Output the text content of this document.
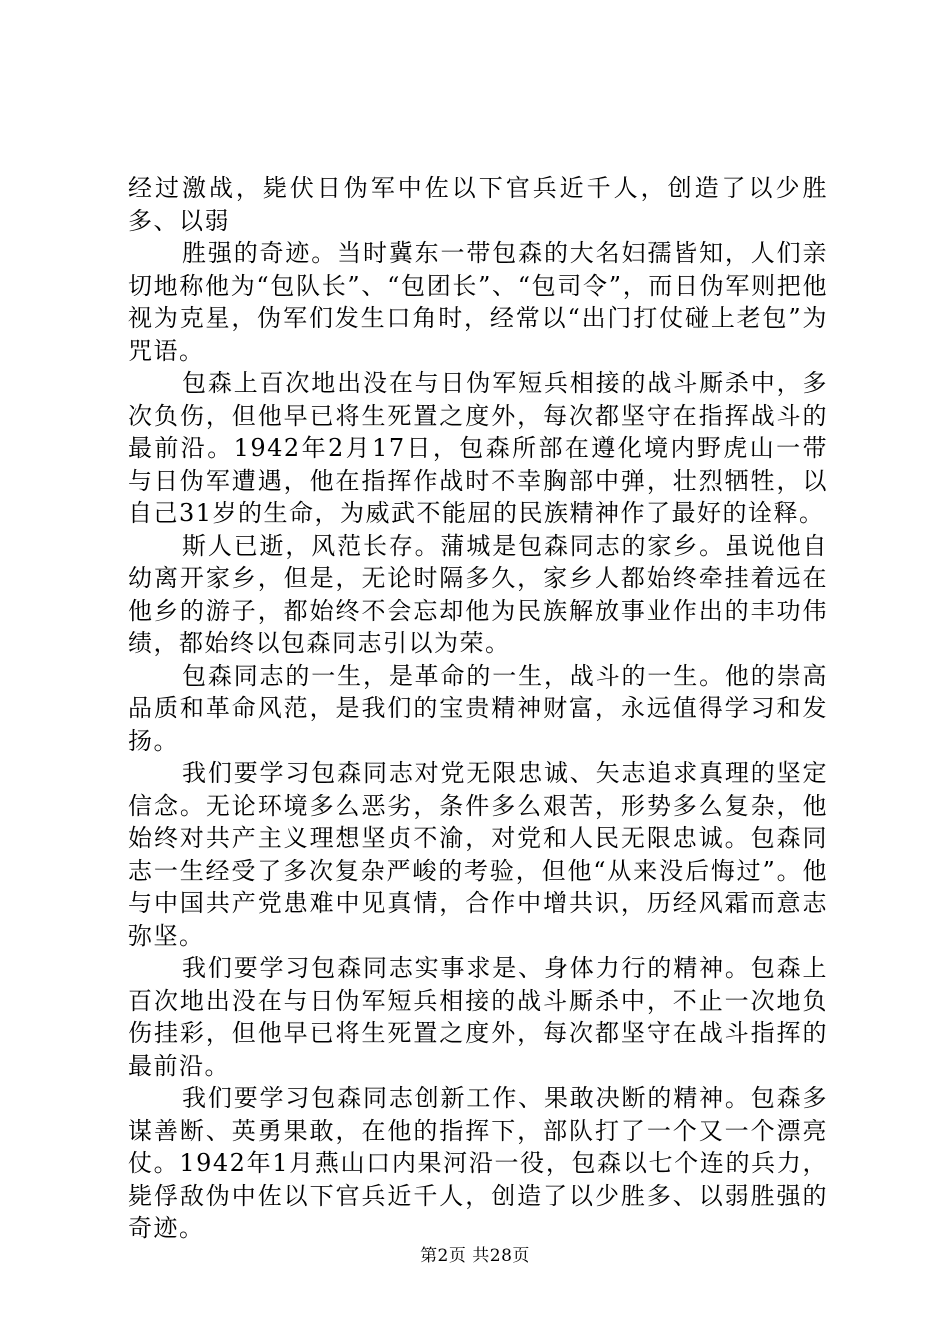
经过激战，毙伏日伪军中佐以下官兵近千人，创造了以少胜多、以弱

胜强的奇迹。当时冀东一带包森的大名妇孺皆知，人们亲切地称他为“包队长”、“包团长”、“包司令”，而日伪军则把他视为克星，伪军们发生口角时，经常以“出门打仗碰上老包”为咒语。

包森上百次地出没在与日伪军短兵相接的战斗厮杀中，多次负伤，但他早已将生死置之度外，每次都坚守在指挥战斗的最前沿。1942年2月17日，包森所部在遵化境内野虎山一带与日伪军遭遇，他在指挥作战时不幸胸部中弹，壮烈牺牲，以自己31岁的生命，为威武不能屈的民族精神作了最好的诠释。

斯人已逝，风范长存。蒲城是包森同志的家乡。虽说他自幼离开家乡，但是，无论时隔多久，家乡人都始终牵挂着远在他乡的游子，都始终不会忘却他为民族解放事业作出的丰功伟绩，都始终以包森同志引以为荣。

包森同志的一生，是革命的一生，战斗的一生。他的崇高品质和革命风范，是我们的宝贵精神财富，永远值得学习和发扬。

我们要学习包森同志对党无限忠诚、矢志追求真理的坚定信念。无论环境多么恶劣，条件多么艰苦，形势多么复杂，他始终对共产主义理想坚贞不渝，对党和人民无限忠诚。包森同志一生经受了多次复杂严峻的考验，但他“从来没后悔过”。他与中国共产党患难中见真情，合作中增共识，历经风霜而意志弥坚。

我们要学习包森同志实事求是、身体力行的精神。包森上百次地出没在与日伪军短兵相接的战斗厮杀中，不止一次地负伤挂彩，但他早已将生死置之度外，每次都坚守在战斗指挥的最前沿。

我们要学习包森同志创新工作、果敢决断的精神。包森多谋善断、英勇果敢，在他的指挥下，部队打了一个又一个漂亮仗。1942年1月燕山口内果河沿一役，包森以七个连的兵力，毙俘敌伪中佐以下官兵近千人，创造了以少胜多、以弱胜强的奇迹。

第2页 共28页
